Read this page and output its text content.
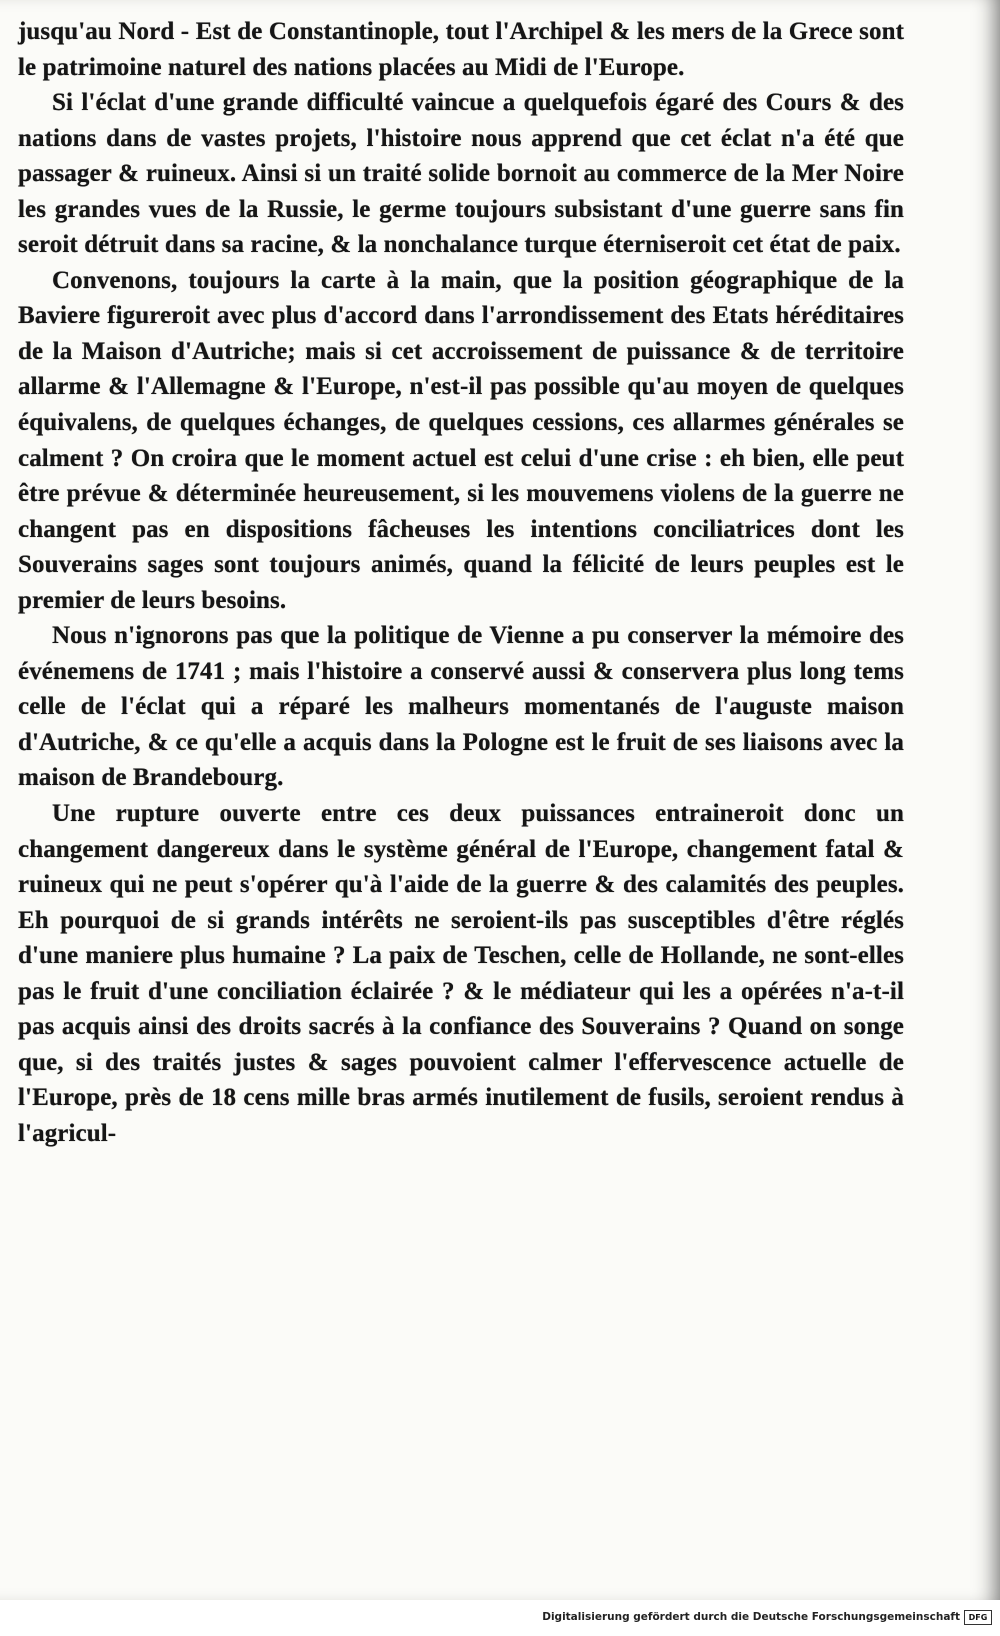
jusqu'au Nord - Est de Constantinople, tout l'Archipel & les mers de la Grece sont le patrimoine naturel des nations placées au Midi de l'Europe.

Si l'éclat d'une grande difficulté vaincue a quelquefois égaré des Cours & des nations dans de vastes projets, l'histoire nous apprend que cet éclat n'a été que passager & ruineux. Ainsi si un traité solide bornoit au commerce de la Mer Noire les grandes vues de la Russie, le germe toujours subsistant d'une guerre sans fin seroit détruit dans sa racine, & la nonchalance turque éterniseroit cet état de paix.

Convenons, toujours la carte à la main, que la position géographique de la Baviere figureroit avec plus d'accord dans l'arrondissement des Etats héréditaires de la Maison d'Autriche; mais si cet accroissement de puissance & de territoire allarme & l'Allemagne & l'Europe, n'est-il pas possible qu'au moyen de quelques équivalens, de quelques échanges, de quelques cessions, ces allarmes générales se calment ? On croira que le moment actuel est celui d'une crise : eh bien, elle peut être prévue & déterminée heureusement, si les mouvemens violens de la guerre ne changent pas en dispositions fâcheuses les intentions conciliatrices dont les Souverains sages sont toujours animés, quand la félicité de leurs peuples est le premier de leurs besoins.

Nous n'ignorons pas que la politique de Vienne a pu conserver la mémoire des événemens de 1741 ; mais l'histoire a conservé aussi & conservera plus long tems celle de l'éclat qui a réparé les malheurs momentanés de l'auguste maison d'Autriche, & ce qu'elle a acquis dans la Pologne est le fruit de ses liaisons avec la maison de Brandebourg.

Une rupture ouverte entre ces deux puissances entraineroit donc un changement dangereux dans le système général de l'Europe, changement fatal & ruineux qui ne peut s'opérer qu'à l'aide de la guerre & des calamités des peuples. Eh pourquoi de si grands intérêts ne seroient-ils pas susceptibles d'être réglés d'une maniere plus humaine ? La paix de Teschen, celle de Hollande, ne sont-elles pas le fruit d'une conciliation éclairée ? & le médiateur qui les a opérées n'a-t-il pas acquis ainsi des droits sacrés à la confiance des Souverains ? Quand on songe que, si des traités justes & sages pouvoient calmer l'effervescence actuelle de l'Europe, près de 18 cens mille bras armés inutilement de fusils, seroient rendus à l'agricul-

Digitalisierung gefördert durch die Deutsche Forschungsgemeinschaft	DFG
